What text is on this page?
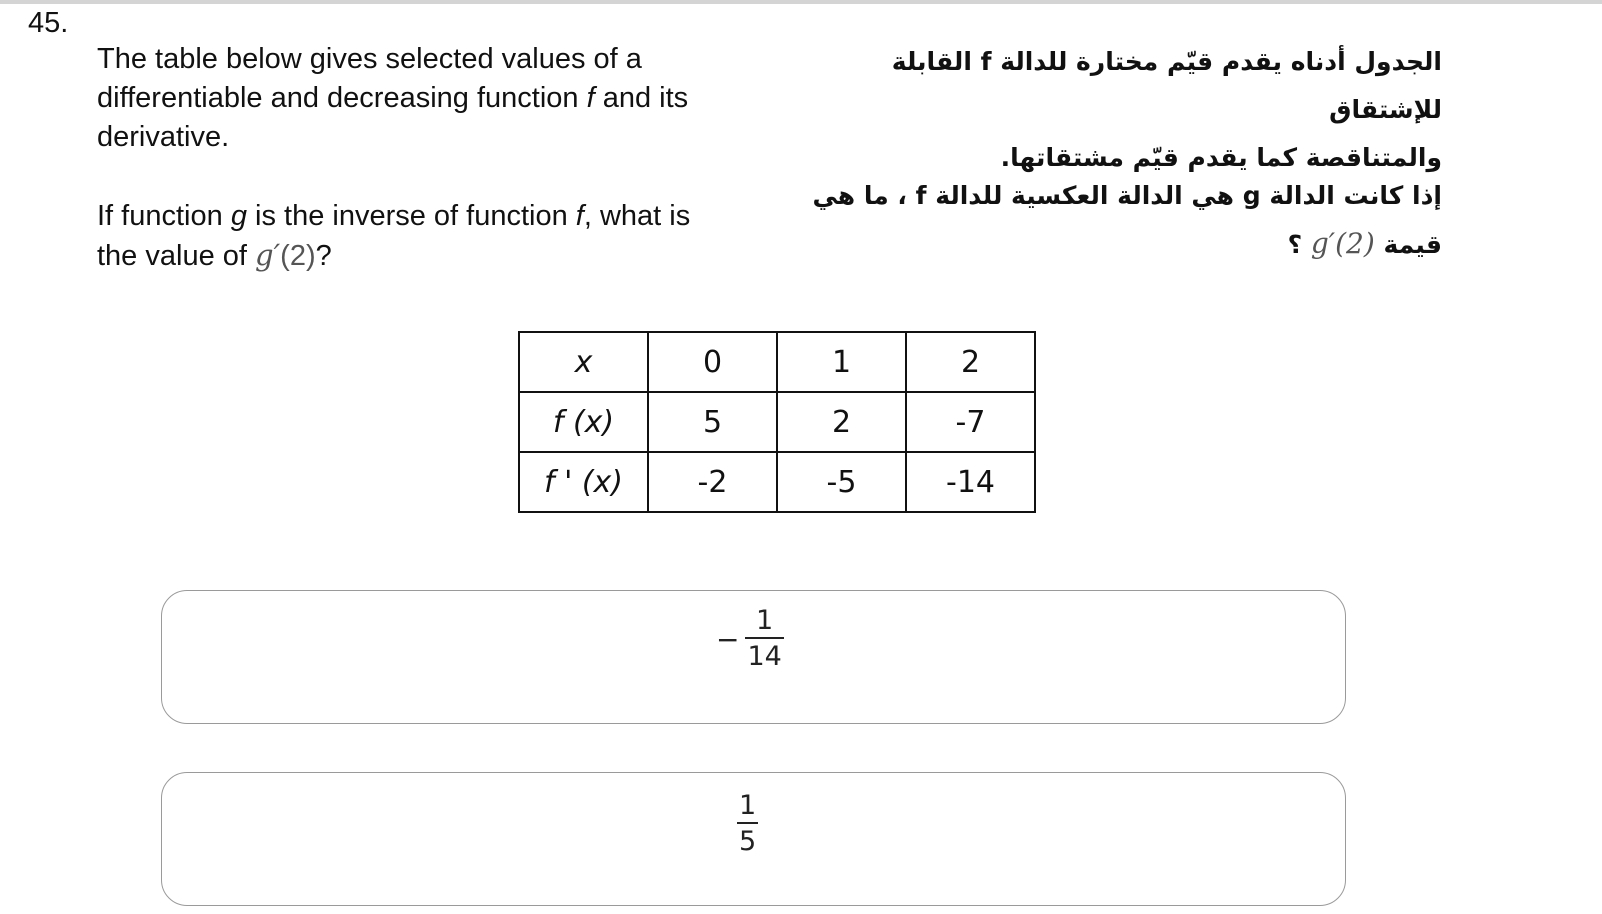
45.
The table below gives selected values of a differentiable and decreasing function f and its derivative.
If function g is the inverse of function f, what is the value of g′(2)?
الجدول أدناه يقدم قيّم مختارة للدالة f القابلة للإشتقاق
والمتناقصة كما يقدم قيّم مشتقاتها.
إذا كانت الدالة g هي الدالة العكسية للدالة f ، ما هي
قيمة g′(2) ؟
x	0	1	2
f (x)	5	2	-7
f ' (x)	-2	-5	-14
− $\frac{1}{14}$
$\frac{1}{5}$
